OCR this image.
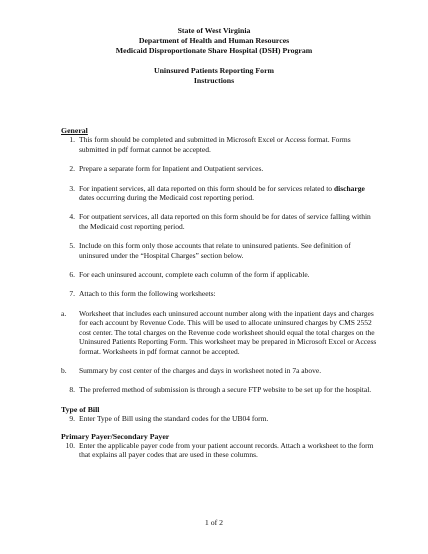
State of West Virginia
Department of Health and Human Resources
Medicaid Disproportionate Share Hospital (DSH) Program
Uninsured Patients Reporting Form
Instructions
General
1. This form should be completed and submitted in Microsoft Excel or Access format. Forms submitted in pdf format cannot be accepted.
2. Prepare a separate form for Inpatient and Outpatient services.
3. For inpatient services, all data reported on this form should be for services related to discharge dates occurring during the Medicaid cost reporting period.
4. For outpatient services, all data reported on this form should be for dates of service falling within the Medicaid cost reporting period.
5. Include on this form only those accounts that relate to uninsured patients. See definition of uninsured under the “Hospital Charges” section below.
6. For each uninsured account, complete each column of the form if applicable.
7. Attach to this form the following worksheets:
a.	Worksheet that includes each uninsured account number along with the inpatient days and charges for each account by Revenue Code. This will be used to allocate uninsured charges by CMS 2552 cost center. The total charges on the Revenue code worksheet should equal the total charges on the Uninsured Patients Reporting Form. This worksheet may be prepared in Microsoft Excel or Access format. Worksheets in pdf format cannot be accepted.
b.	Summary by cost center of the charges and days in worksheet noted in 7a above.
8. The preferred method of submission is through a secure FTP website to be set up for the hospital.
Type of Bill
9. Enter Type of Bill using the standard codes for the UB04 form.
Primary Payer/Secondary Payer
10. Enter the applicable payer code from your patient account records. Attach a worksheet to the form that explains all payer codes that are used in these columns.
1 of 2
